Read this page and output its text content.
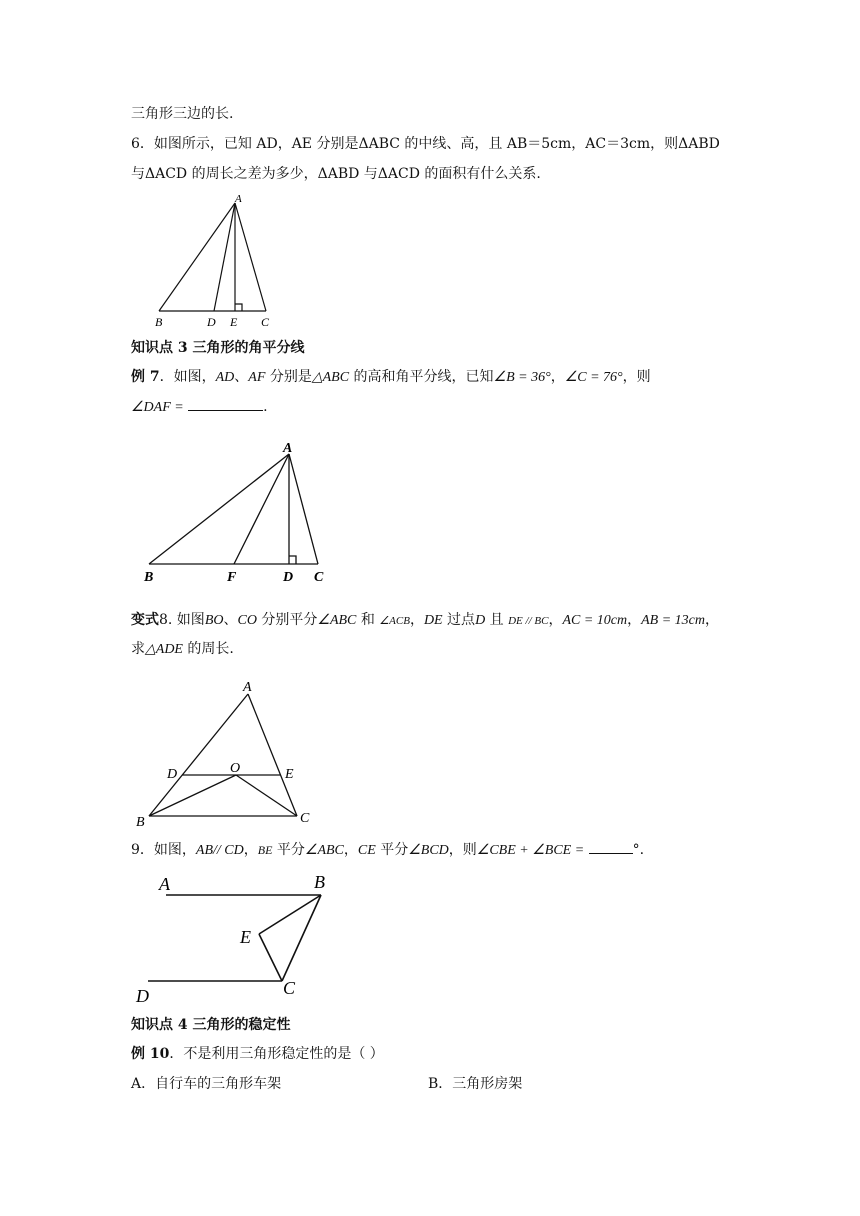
三角形三边的长.
6．如图所示，已知 AD，AE 分别是ΔABC 的中线、高，且 AB＝5cm，AC＝3cm，则ΔABD
与ΔACD 的周长之差为多少，ΔABD 与ΔACD 的面积有什么关系.
A
B	D E C
知识点 3 三角形的角平分线
例 7．如图，AD、AF 分别是△ABC 的高和角平分线，已知∠B = 36°，∠C = 76°，则
∠DAF =	.
A
B	F	D C
变式8. 如图BO、CO 分别平分∠ABC 和 ∠ACB，DE 过点D 且 DE // BC，AC = 10cm，AB = 13cm，
求△ADE 的周长.
A
D	O	E
B	C
9．如图，AB// CD，BE 平分∠ABC，CE 平分∠BCD，则∠CBE + ∠BCE =	°.
A	B
E
D	C
知识点 4 三角形的稳定性
例 10．不是利用三角形稳定性的是（ ）
A．自行车的三角形车架	B．三角形房架
